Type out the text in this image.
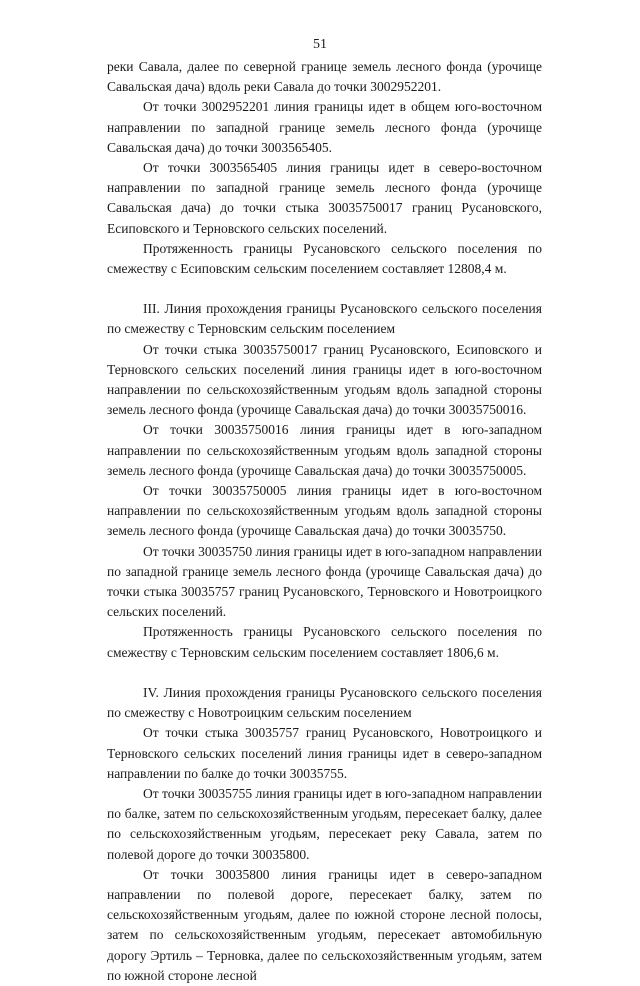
51

реки Савала, далее по северной границе земель лесного фонда (урочище Савальская дача) вдоль реки Савала до точки 3002952201.

От точки 3002952201 линия границы идет в общем юго-восточном направлении по западной границе земель лесного фонда (урочище Савальская дача) до точки 3003565405.

От точки 3003565405 линия границы идет в северо-восточном направлении по западной границе земель лесного фонда (урочище Савальская дача) до точки стыка 30035750017 границ Русановского, Есиповского и Терновского сельских поселений.

Протяженность границы Русановского сельского поселения по смежеству с Есиповским сельским поселением составляет 12808,4 м.

III. Линия прохождения границы Русановского сельского поселения по смежеству с Терновским сельским поселением

От точки стыка 30035750017 границ Русановского, Есиповского и Терновского сельских поселений линия границы идет в юго-восточном направлении по сельскохозяйственным угодьям вдоль западной стороны земель лесного фонда (урочище Савальская дача) до точки 30035750016.

От точки 30035750016 линия границы идет в юго-западном направлении по сельскохозяйственным угодьям вдоль западной стороны земель лесного фонда (урочище Савальская дача) до точки 30035750005.

От точки 30035750005 линия границы идет в юго-восточном направлении по сельскохозяйственным угодьям вдоль западной стороны земель лесного фонда (урочище Савальская дача) до точки 30035750.

От точки 30035750 линия границы идет в юго-западном направлении по западной границе земель лесного фонда (урочище Савальская дача) до точки стыка 30035757 границ Русановского, Терновского и Новотроицкого сельских поселений.

Протяженность границы Русановского сельского поселения по смежеству с Терновским сельским поселением составляет 1806,6 м.

IV. Линия прохождения границы Русановского сельского поселения по смежеству с Новотроицким сельским поселением

От точки стыка 30035757 границ Русановского, Новотроицкого и Терновского сельских поселений линия границы идет в северо-западном направлении по балке до точки 30035755.

От точки 30035755 линия границы идет в юго-западном направлении по балке, затем по сельскохозяйственным угодьям, пересекает балку, далее по сельскохозяйственным угодьям, пересекает реку Савала, затем по полевой дороге до точки 30035800.

От точки 30035800 линия границы идет в северо-западном направлении по полевой дороге, пересекает балку, затем по сельскохозяйственным угодьям, далее по южной стороне лесной полосы, затем по сельскохозяйственным угодьям, пересекает автомобильную дорогу Эртиль – Терновка, далее по сельскохозяйственным угодьям, затем по южной стороне лесной
